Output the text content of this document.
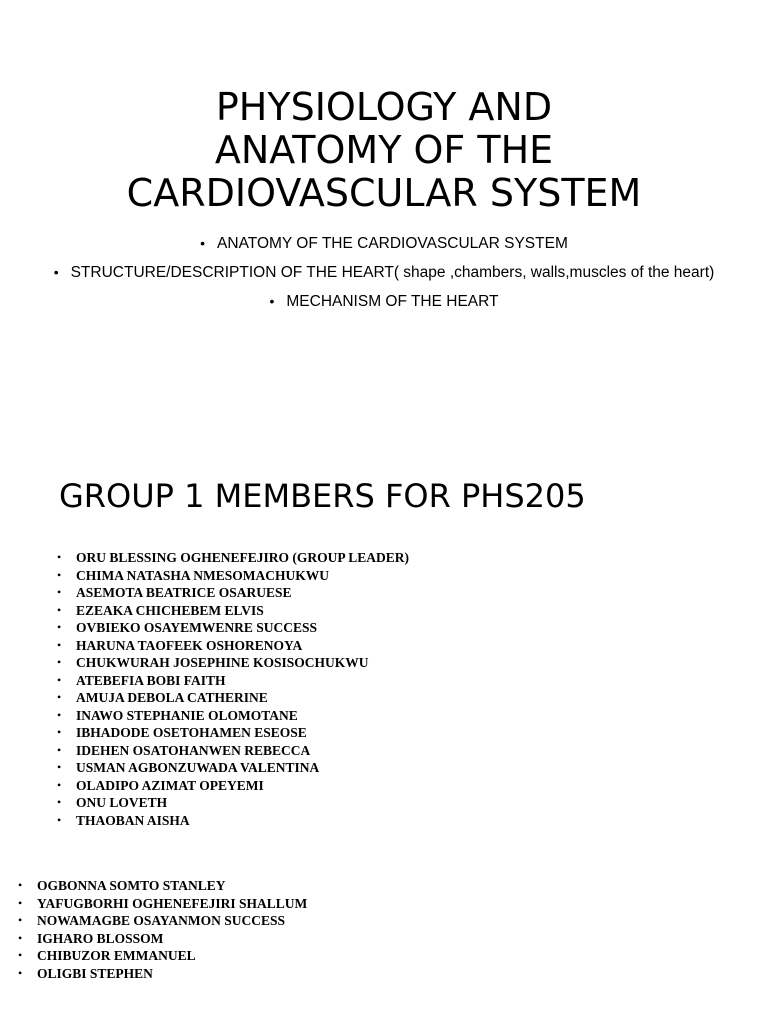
PHYSIOLOGY AND
ANATOMY OF THE
CARDIOVASCULAR SYSTEM
• ANATOMY OF THE CARDIOVASCULAR SYSTEM
• STRUCTURE/DESCRIPTION OF THE HEART( shape ,chambers, walls,muscles of the heart)
• MECHANISM OF THE HEART
GROUP 1 MEMBERS FOR PHS205
• ORU BLESSING OGHENEFEJIRO (GROUP LEADER)
• CHIMA NATASHA NMESOMACHUKWU
• ASEMOTA BEATRICE OSARUESE
• EZEAKA CHICHEBEM ELVIS
• OVBIEKO OSAYEMWENRE SUCCESS
• HARUNA TAOFEEK OSHORENOYA
• CHUKWURAH JOSEPHINE KOSISOCHUKWU
• ATEBEFIA BOBI FAITH
• AMUJA DEBOLA CATHERINE
• INAWO STEPHANIE OLOMOTANE
• IBHADODE OSETOHAMEN ESEOSE
• IDEHEN OSATOHANWEN REBECCA
• USMAN AGBONZUWADA VALENTINA
• OLADIPO AZIMAT OPEYEMI
• ONU LOVETH
• THAOBAN AISHA
• OGBONNA SOMTO STANLEY
• YAFUGBORHI OGHENEFEJIRI SHALLUM
• NOWAMAGBE OSAYANMON SUCCESS
• IGHARO BLOSSOM
• CHIBUZOR EMMANUEL
• OLIGBI STEPHEN
